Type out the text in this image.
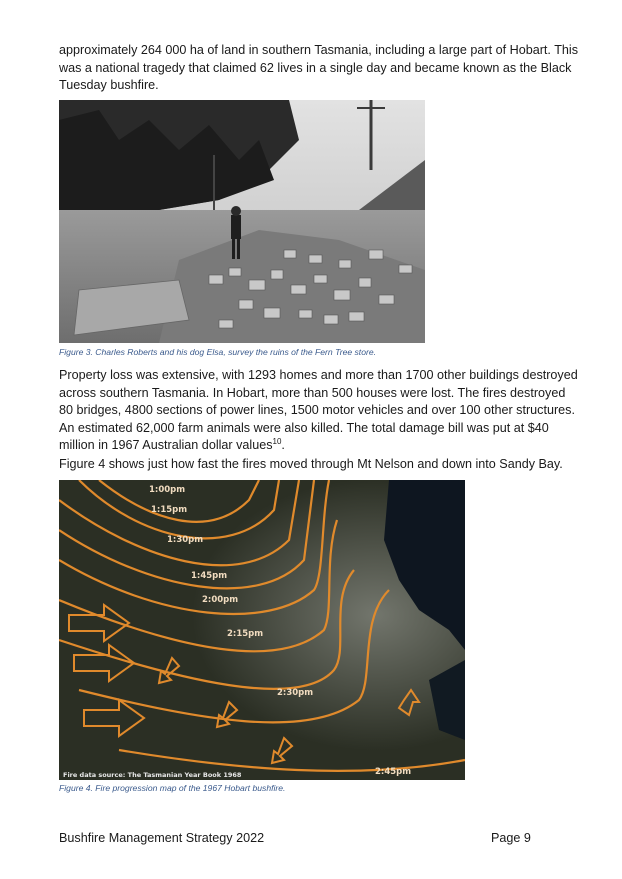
approximately 264 000 ha of land in southern Tasmania, including a large part of Hobart. This was a national tragedy that claimed 62 lives in a single day and became known as the Black Tuesday bushfire.

Figure 3. Charles Roberts and his dog Elsa, survey the ruins of the Fern Tree store.

Property loss was extensive, with 1293 homes and more than 1700 other buildings destroyed across southern Tasmania. In Hobart, more than 500 houses were lost. The fires destroyed 80 bridges, 4800 sections of power lines, 1500 motor vehicles and over 100 other structures. An estimated 62,000 farm animals were also killed. The total damage bill was put at $40 million in 1967 Australian dollar values$^{10}$.

Figure 4 shows just how fast the fires moved through Mt Nelson and down into Sandy Bay.

1:00pm
1:15pm
1:30pm
1:45pm
2:00pm
2:15pm
2:30pm
2:45pm
Fire data source: The Tasmanian Year Book 1968

Figure 4. Fire progression map of the 1967 Hobart bushfire.

Bushfire Management Strategy 2022	Page 9
